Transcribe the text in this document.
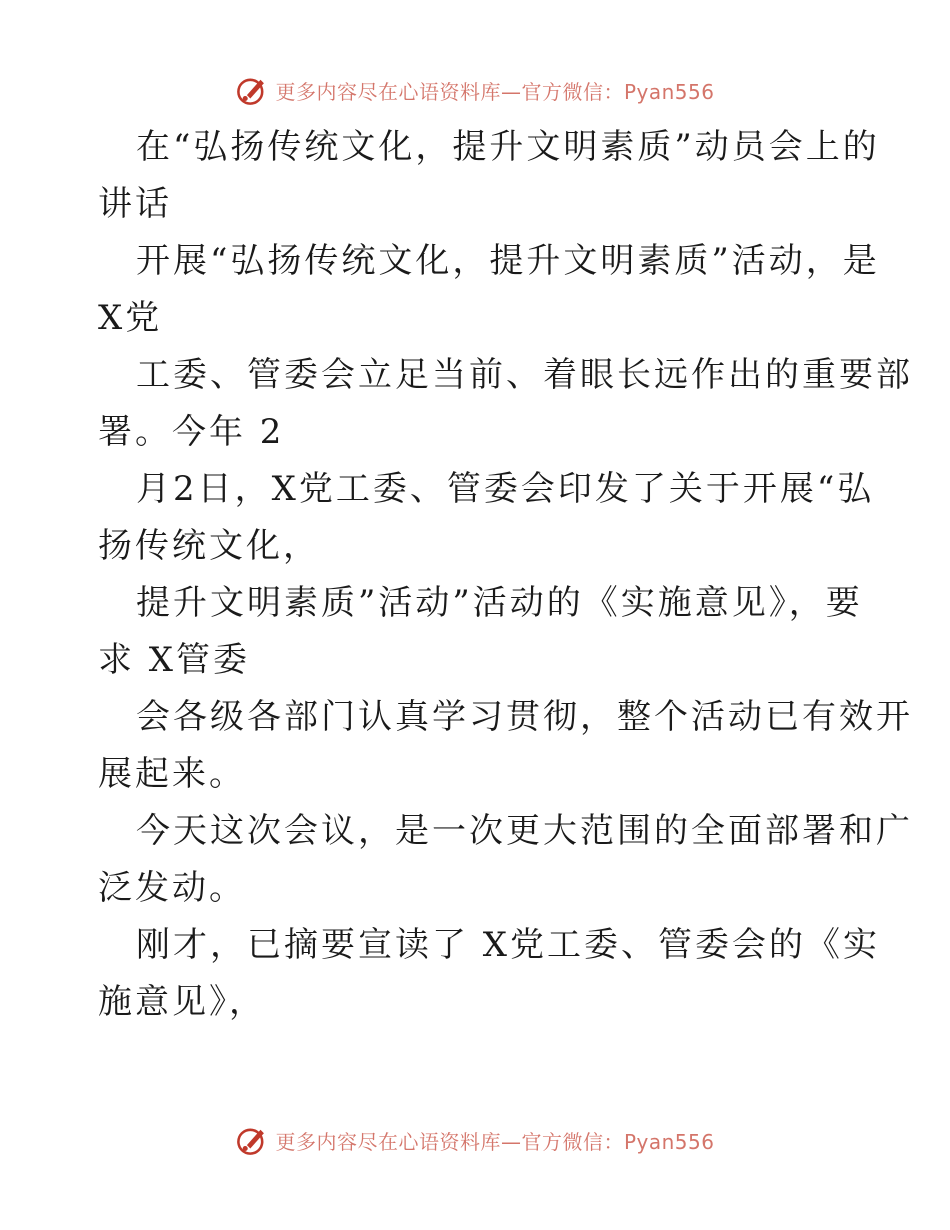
更多内容尽在心语资料库—官方微信：Pyan556
在“弘扬传统文化，提升文明素质”动员会上的
讲话
开展“弘扬传统文化，提升文明素质”活动，是
X党
工委、管委会立足当前、着眼长远作出的重要部
署。今年 2
月2日，X党工委、管委会印发了关于开展“弘
扬传统文化，
提升文明素质”活动”活动的《实施意见》，要
求 X管委
会各级各部门认真学习贯彻，整个活动已有效开
展起来。
今天这次会议，是一次更大范围的全面部署和广
泛发动。
刚才，已摘要宣读了 X党工委、管委会的《实
施意见》，
更多内容尽在心语资料库—官方微信：Pyan556
